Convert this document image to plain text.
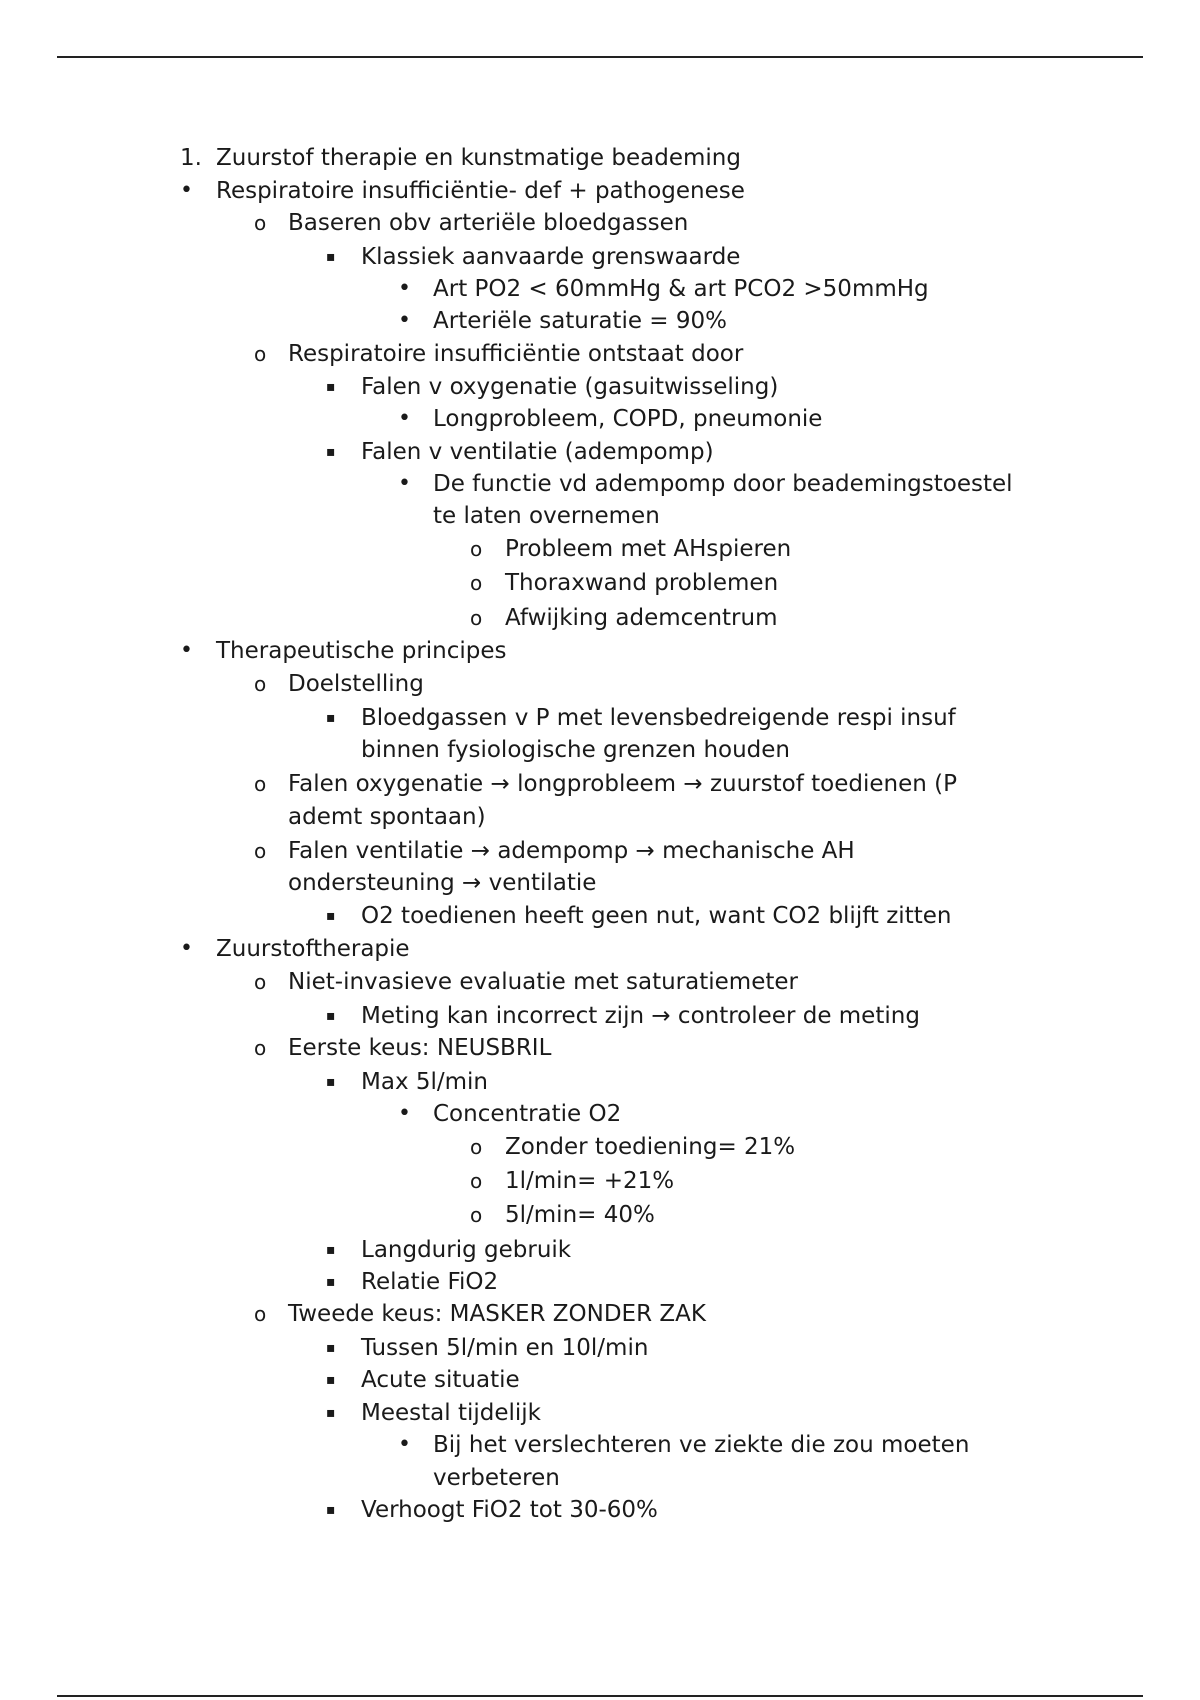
1. Zuurstof therapie en kunstmatige beademing
•	Respiratoire insufficiëntie- def + pathogenese
o Baseren obv arteriële bloedgassen
▪	Klassiek aanvaarde grenswaarde
• Art PO2 < 60mmHg & art PCO2 >50mmHg
• Arteriële saturatie = 90%
o Respiratoire insufficiëntie ontstaat door
▪	Falen v oxygenatie (gasuitwisseling)
• Longprobleem, COPD, pneumonie
▪	Falen v ventilatie (adempomp)
• De functie vd adempomp door beademingstoestel
te laten overnemen
o Probleem met AHspieren
o Thoraxwand problemen
o Afwijking ademcentrum
•	Therapeutische principes
o Doelstelling
▪	Bloedgassen v P met levensbedreigende respi insuf
binnen fysiologische grenzen houden
o Falen oxygenatie → longprobleem → zuurstof toedienen (P
ademt spontaan)
o Falen ventilatie → adempomp → mechanische AH
ondersteuning → ventilatie
▪	O2 toedienen heeft geen nut, want CO2 blijft zitten
•	Zuurstoftherapie
o Niet-invasieve evaluatie met saturatiemeter
▪	Meting kan incorrect zijn → controleer de meting
o Eerste keus: NEUSBRIL
▪	Max 5l/min
• Concentratie O2
o Zonder toediening= 21%
o 1l/min= +21%
o 5l/min= 40%
▪	Langdurig gebruik
▪	Relatie FiO2
o Tweede keus: MASKER ZONDER ZAK
▪	Tussen 5l/min en 10l/min
▪	Acute situatie
▪	Meestal tijdelijk
• Bij het verslechteren ve ziekte die zou moeten
verbeteren
▪	Verhoogt FiO2 tot 30-60%
